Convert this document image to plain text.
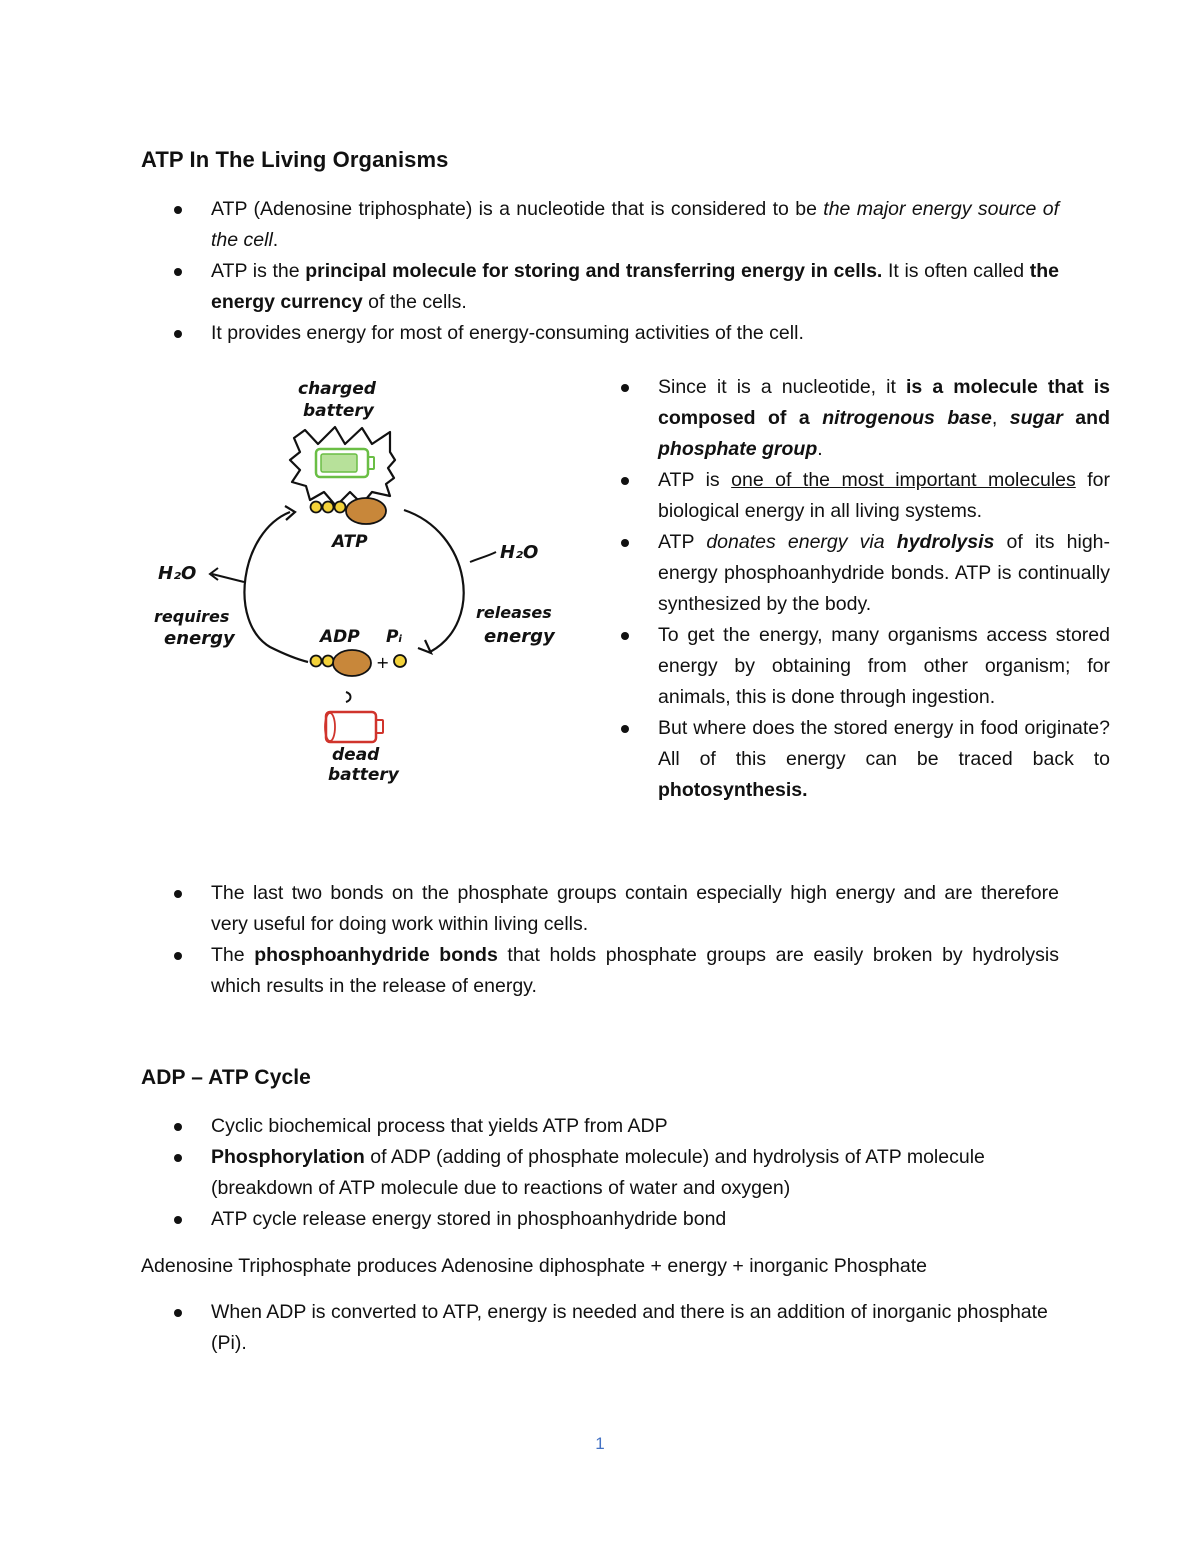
ATP In The Living Organisms
ATP (Adenosine triphosphate) is a nucleotide that is considered to be the major energy source of the cell.
ATP is the principal molecule for storing and transferring energy in cells. It is often called the energy currency of the cells.
It provides energy for most of energy-consuming activities of the cell.
charged
battery
ATP
H₂O
H₂O
requires
energy
releases
energy
ADP Pᵢ
+
dead
battery
Since it is a nucleotide, it is a molecule that is composed of a nitrogenous base, sugar and phosphate group.
ATP is one of the most important molecules for biological energy in all living systems.
ATP donates energy via hydrolysis of its high-energy phosphoanhydride bonds. ATP is continually synthesized by the body.
To get the energy, many organisms access stored energy by obtaining from other organism; for animals, this is done through ingestion.
But where does the stored energy in food originate? All of this energy can be traced back to photosynthesis.
The last two bonds on the phosphate groups contain especially high energy and are therefore very useful for doing work within living cells.
The phosphoanhydride bonds that holds phosphate groups are easily broken by hydrolysis which results in the release of energy.
ADP – ATP Cycle
Cyclic biochemical process that yields ATP from ADP
Phosphorylation of ADP (adding of phosphate molecule) and hydrolysis of ATP molecule (breakdown of ATP molecule due to reactions of water and oxygen)
ATP cycle release energy stored in phosphoanhydride bond
Adenosine Triphosphate produces Adenosine diphosphate + energy + inorganic Phosphate
When ADP is converted to ATP, energy is needed and there is an addition of inorganic phosphate (Pi).
1
